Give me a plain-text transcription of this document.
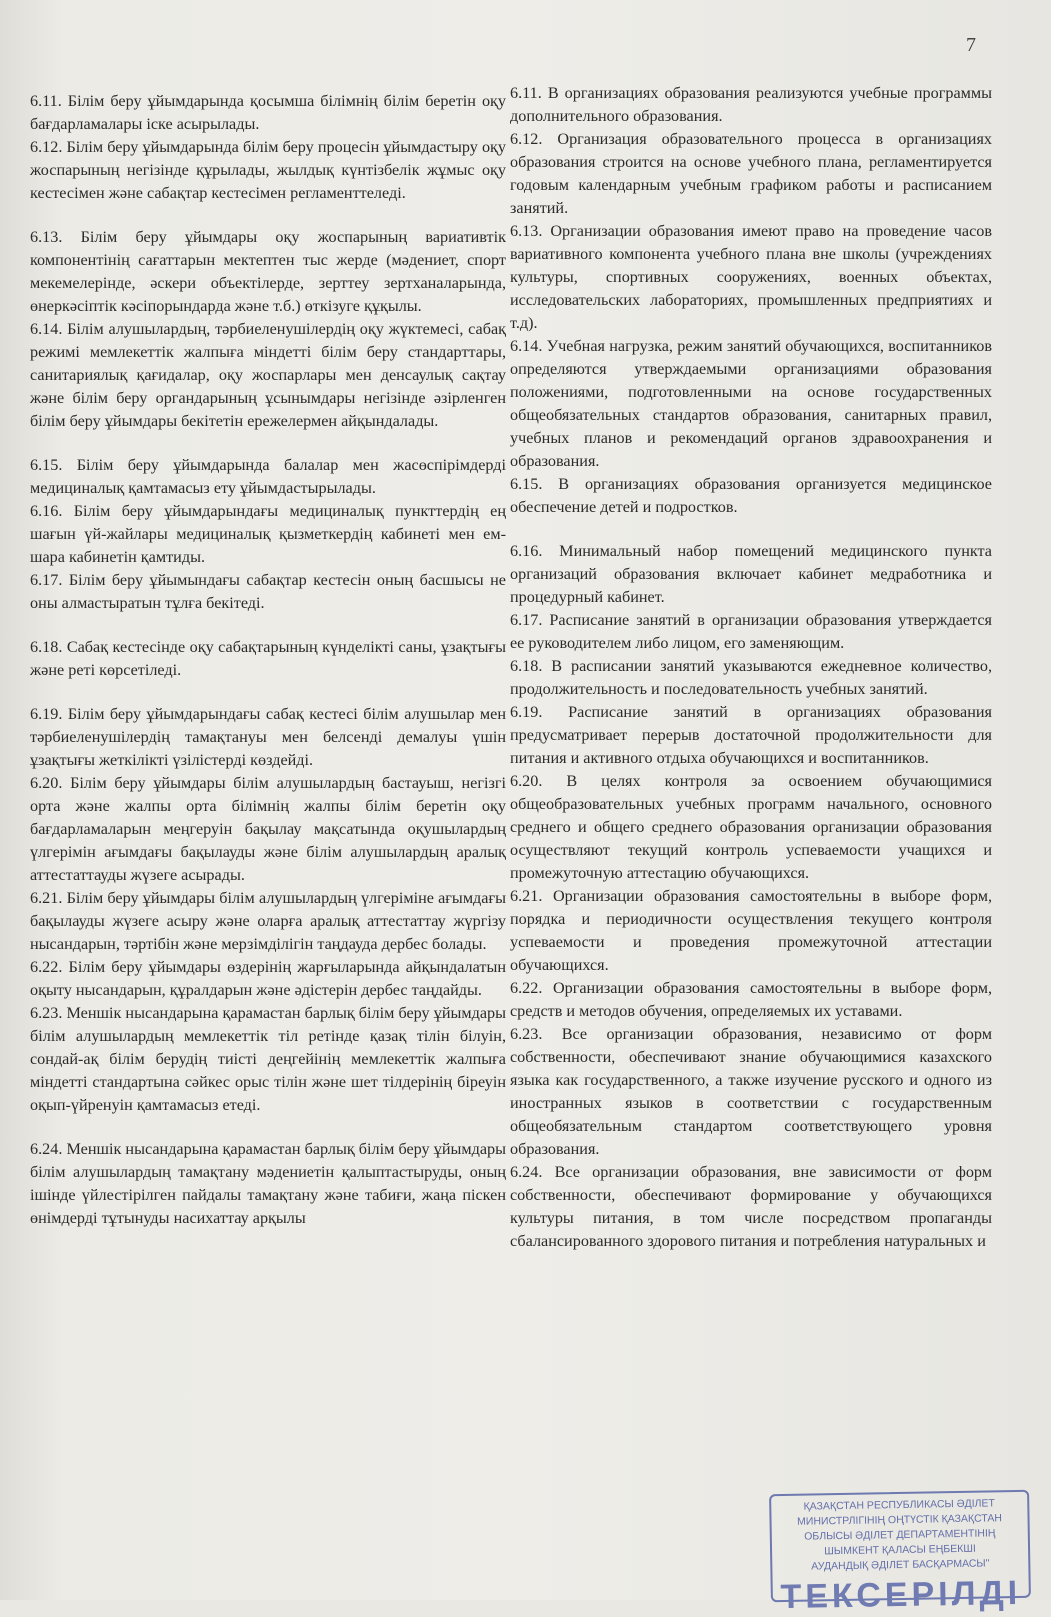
7

6.11. Білім беру ұйымдарында қосымша білімнің білім беретін оқу бағдарламалары іске асырылады.

6.12. Білім беру ұйымдарында білім беру процесін ұйымдастыру оқу жоспарының негізінде құрылады, жылдық күнтізбелік жұмыс оқу кестесімен және сабақтар кестесімен регламенттеледі.

6.13. Білім беру ұйымдары оқу жоспарының вариативтік компонентінің сағаттарын мектептен тыс жерде (мәдениет, спорт мекемелерінде, әскери объектілерде, зерттеу зертханаларында, өнеркәсіптік кәсіпорындарда және т.б.) өткізуге құқылы.

6.14. Білім алушылардың, тәрбиеленушілердің оқу жүктемесі, сабақ режимі мемлекеттік жалпыға міндетті білім беру стандарттары, санитариялық қағидалар, оқу жоспарлары мен денсаулық сақтау және білім беру органдарының ұсынымдары негізінде әзірленген білім беру ұйымдары бекітетін ережелермен айқындалады.

6.15. Білім беру ұйымдарында балалар мен жасөспірімдерді медициналық қамтамасыз ету ұйымдастырылады.

6.16. Білім беру ұйымдарындағы медициналық пункттердің ең шағын үй-жайлары медициналық қызметкердің кабинеті мен ем-шара кабинетін қамтиды.

6.17. Білім беру ұйымындағы сабақтар кестесін оның басшысы не оны алмастыратын тұлға бекітеді.

6.18. Сабақ кестесінде оқу сабақтарының күнделікті саны, ұзақтығы және реті көрсетіледі.

6.19. Білім беру ұйымдарындағы сабақ кестесі білім алушылар мен тәрбиеленушілердің тамақтануы мен белсенді демалуы үшін ұзақтығы жеткілікті үзілістерді көздейді.

6.20. Білім беру ұйымдары білім алушылардың бастауыш, негізгі орта және жалпы орта білімнің жалпы білім беретін оқу бағдарламаларын меңгеруін бақылау мақсатында оқушылардың үлгерімін ағымдағы бақылауды және білім алушылардың аралық аттестаттауды жүзеге асырады.

6.21. Білім беру ұйымдары білім алушылардың үлгеріміне ағымдағы бақылауды жүзеге асыру және оларға аралық аттестаттау жүргізу нысандарын, тәртібін және мерзімділігін таңдауда дербес болады.

6.22. Білім беру ұйымдары өздерінің жарғыларында айқындалатын оқыту нысандарын, құралдарын және әдістерін дербес таңдайды.

6.23. Меншік нысандарына қарамастан барлық білім беру ұйымдары білім алушылардың мемлекеттік тіл ретінде қазақ тілін білуін, сондай-ақ білім берудің тиісті деңгейінің мемлекеттік жалпыға міндетті стандартына сәйкес орыс тілін және шет тілдерінің біреуін оқып-үйренуін қамтамасыз етеді.

6.24. Меншік нысандарына қарамастан барлық білім беру ұйымдары білім алушылардың тамақтану мәдениетін қалыптастыруды, оның ішінде үйлестірілген пайдалы тамақтану және табиғи, жаңа піскен өнімдерді тұтынуды насихаттау арқылы

6.11. В организациях образования реализуются учебные программы дополнительного образования.

6.12. Организация образовательного процесса в организациях образования строится на основе учебного плана, регламентируется годовым календарным учебным графиком работы и расписанием занятий.

6.13. Организации образования имеют право на проведение часов вариативного компонента учебного плана вне школы (учреждениях культуры, спортивных сооружениях, военных объектах, исследовательских лабораториях, промышленных предприятиях и т.д).

6.14. Учебная нагрузка, режим занятий обучающихся, воспитанников определяются утверждаемыми организациями образования положениями, подготовленными на основе государственных общеобязательных стандартов образования, санитарных правил, учебных планов и рекомендаций органов здравоохранения и образования.

6.15. В организациях образования организуется медицинское обеспечение детей и подростков.

6.16. Минимальный набор помещений медицинского пункта организаций образования включает кабинет медработника и процедурный кабинет.

6.17. Расписание занятий в организации образования утверждается ее руководителем либо лицом, его заменяющим.

6.18. В расписании занятий указываются ежедневное количество, продолжительность и последовательность учебных занятий.

6.19. Расписание занятий в организациях образования предусматривает перерыв достаточной продолжительности для питания и активного отдыха обучающихся и воспитанников.

6.20. В целях контроля за освоением обучающимися общеобразовательных учебных программ начального, основного среднего и общего среднего образования организации образования осуществляют текущий контроль успеваемости учащихся и промежуточную аттестацию обучающихся.

6.21. Организации образования самостоятельны в выборе форм, порядка и периодичности осуществления текущего контроля успеваемости и проведения промежуточной аттестации обучающихся.

6.22. Организации образования самостоятельны в выборе форм, средств и методов обучения, определяемых их уставами.

6.23. Все организации образования, независимо от форм собственности, обеспечивают знание обучающимися казахского языка как государственного, а также изучение русского и одного из иностранных языков в соответствии с государственным общеобязательным стандартом соответствующего уровня образования.

6.24. Все организации образования, вне зависимости от форм собственности, обеспечивают формирование у обучающихся культуры питания, в том числе посредством пропаганды сбалансированного здорового питания и потребления натуральных и

ҚАЗАҚСТАН РЕСПУБЛИКАСЫ ӘДІЛЕТ
МИНИСТРЛІГІНІҢ ОҢТҮСТІК ҚАЗАҚСТАН
ОБЛЫСЫ ӘДІЛЕТ ДЕПАРТАМЕНТІНІҢ
ШЫМКЕНТ ҚАЛАСЫ ЕҢБЕКШІ
АУДАНДЫҚ ӘДІЛЕТ БАСҚАРМАСЫ"
ТЕКСЕРІЛДІ
